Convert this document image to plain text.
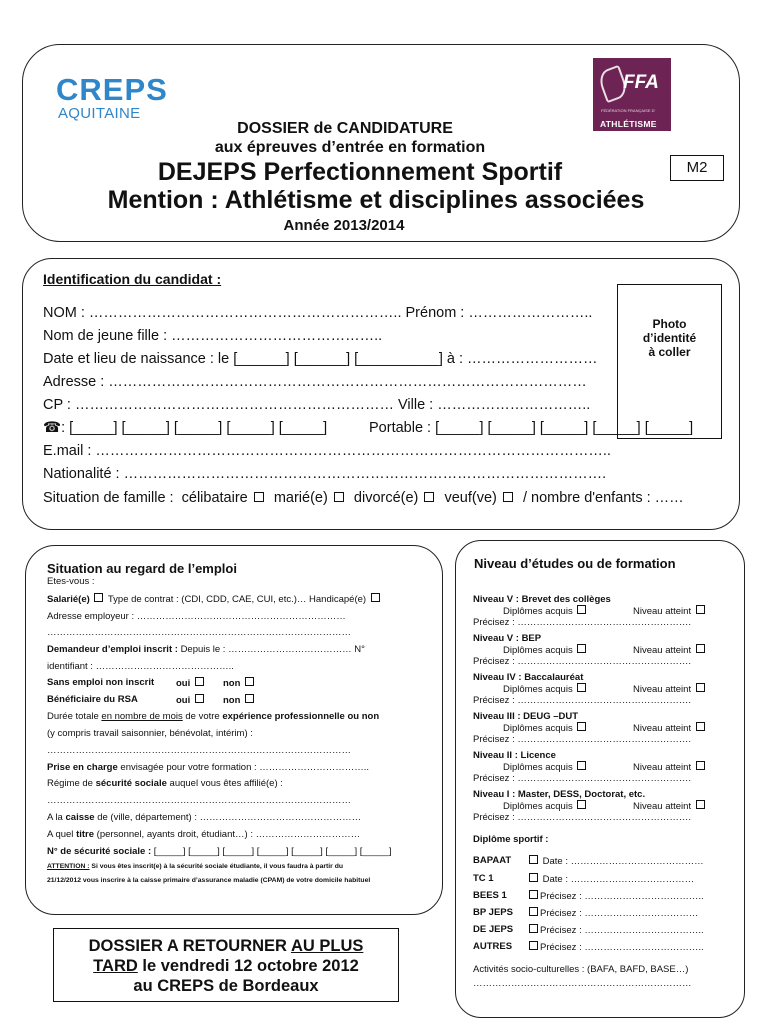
CREPS
AQUITAINE
FFA
FÉDÉRATION FRANÇAISE D'
ATHLÉTISME
DOSSIER de CANDIDATURE
aux épreuves d’entrée en formation
DEJEPS Perfectionnement Sportif
Mention : Athlétisme et disciplines associées
Année 2013/2014
M2
Identification du candidat :
NOM : ……………………………………………………….. Prénom : ……………………..
Nom de jeune fille : ……………………………………..
Date et lieu de naissance : le [______] [______] [__________] à : ………………………
Adresse : ………………………………………………………………………………………
CP : ………………………………………………………… Ville : …………………………..
☎: [_____] [_____] [_____] [_____] [_____]	Portable : [_____] [_____] [_____] [_____] [_____]
E.mail : ……………………………………………………………………………………………..
Nationalité : ……………………………………………………………………………………….
Situation de famille : célibataire marié(e) divorcé(e) veuf(ve) / nombre d'enfants : ……
Photo
d’identité
à coller
Situation au regard de l’emploi
Etes-vous :
Salarié(e) Type de contrat : (CDI, CDD, CAE, CUI, etc.)… Handicapé(e)
Adresse employeur : …………………………………………………………
……………………………………………………………………………………
Demandeur d’emploi inscrit : Depuis le : ………………………………… N°
identifiant : ……………………………………..
Sans emploi non inscrit oui	non
Bénéficiaire du RSA	oui	non
Durée totale en nombre de mois de votre expérience professionnelle ou non
(y compris travail saisonnier, bénévolat, intérim) :
……………………………………………………………………………………
Prise en charge envisagée pour votre formation : ……………………………..
Régime de sécurité sociale auquel vous êtes affilié(e) :
……………………………………………………………………………………
A la caisse de (ville, département) : ……………………………………………
A quel titre (personnel, ayants droit, étudiant…) : ……………………………
N° de sécurité sociale : [_____] [_____] [_____] [_____] [_____] [_____] [_____]
ATTENTION : Si vous êtes inscrit(e) à la sécurité sociale étudiante, il vous faudra à partir du
21/12/2012 vous inscrire à la caisse primaire d’assurance maladie (CPAM) de votre domicile habituel
Niveau d’études ou de formation
Niveau V : Brevet des collèges
Diplômes acquis	Niveau atteint
Précisez : ……………………………………………….
Niveau V : BEP
Diplômes acquis	Niveau atteint
Précisez : ……………………………………………….
Niveau IV : Baccalauréat
Diplômes acquis	Niveau atteint
Précisez : ……………………………………………….
Niveau III : DEUG –DUT
Diplômes acquis	Niveau atteint
Précisez : ……………………………………………….
Niveau II : Licence
Diplômes acquis	Niveau atteint
Précisez : ……………………………………………….
Niveau I : Master, DESS, Doctorat, etc.
Diplômes acquis	Niveau atteint
Précisez : ……………………………………………….
Diplôme sportif :
BAPAAT	Date : ……………………………………
TC 1	Date : …………………………………
BEES 1	Précisez : ………………………………..
BP JEPS	Précisez : ………………………………
DE JEPS	Précisez : ………………………………..
AUTRES	Précisez : ………………………………..
Activités socio-culturelles : (BAFA, BAFD, BASE…)
……………………………………………………………
DOSSIER A RETOURNER AU PLUS
TARD le vendredi 12 octobre 2012
au CREPS de Bordeaux
